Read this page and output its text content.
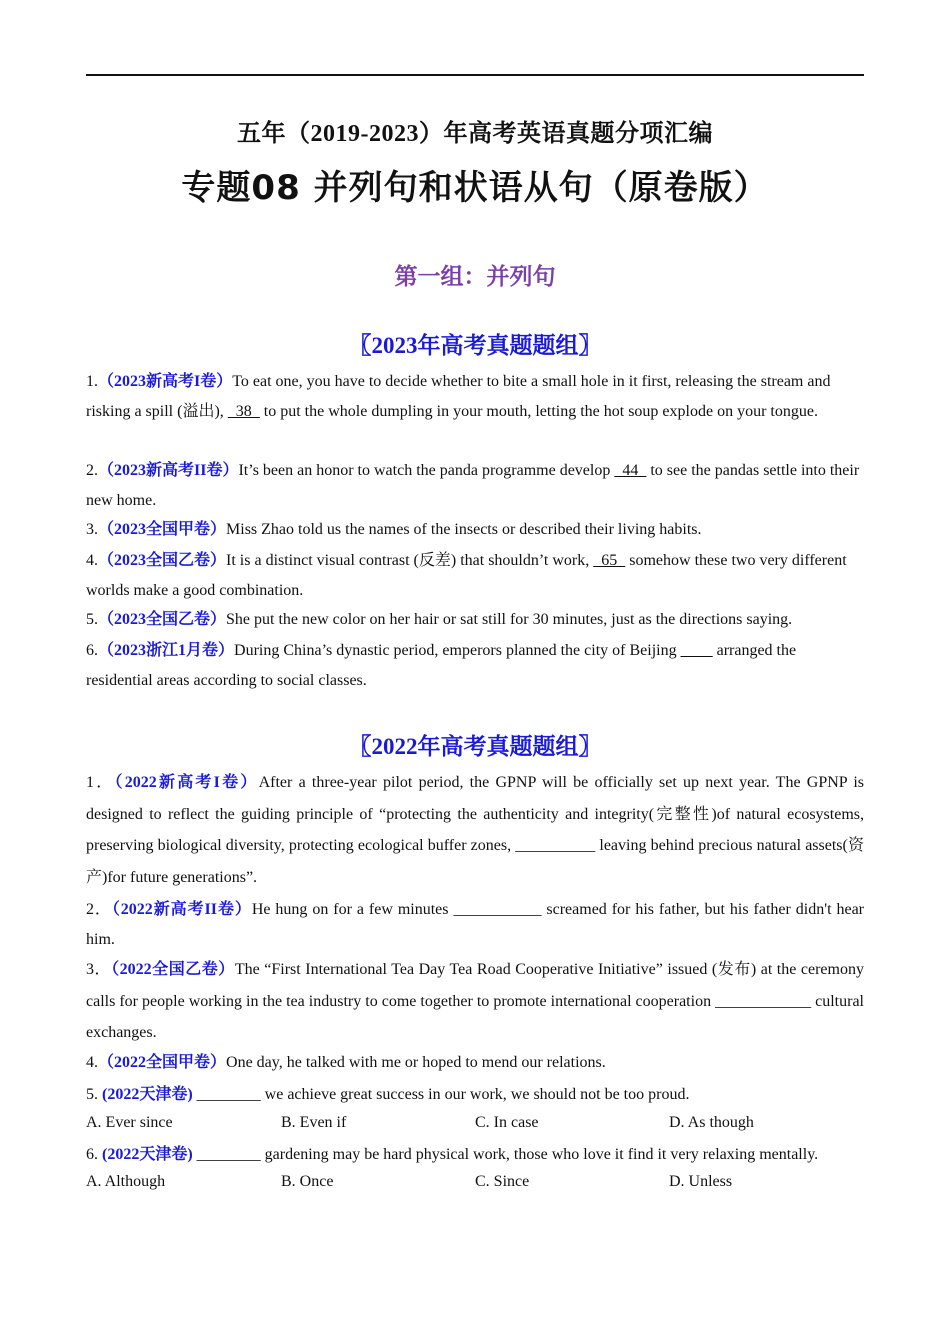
五年（2019-2023）年高考英语真题分项汇编
专题08 并列句和状语从句（原卷版）
第一组：并列句
〖2023年高考真题题组〗
1.（2023新高考I卷）To eat one, you have to decide whether to bite a small hole in it first, releasing the stream and risking a spill (溢出),   38   to put the whole dumpling in your mouth, letting the hot soup explode on your tongue.
2.（2023新高考II卷）It’s been an honor to watch the panda programme develop   44   to see the pandas settle into their new home.
3.（2023全国甲卷）Miss Zhao told us the names of the insects or described their living habits.
4.（2023全国乙卷）It is a distinct visual contrast (反差) that shouldn’t work,   65   somehow these two very different worlds make a good combination.
5.（2023全国乙卷）She put the new color on her hair or sat still for 30 minutes, just as the directions saying.
6.（2023浙江1月卷）During China’s dynastic period, emperors planned the city of Beijing ____ arranged the residential areas according to social classes.
〖2022年高考真题题组〗
1．（2022新高考I卷）After a three-year pilot period, the GPNP will be officially set up next year. The GPNP is designed to reflect the guiding principle of “protecting the authenticity and integrity(完整性)of natural ecosystems, preserving biological diversity, protecting ecological buffer zones, __________ leaving behind precious natural assets(资产)for future generations”.
2．（2022新高考II卷）He hung on for a few minutes ___________ screamed for his father, but his father didn't hear him.
3．（2022全国乙卷）The “First International Tea Day Tea Road Cooperative Initiative” issued (发布) at the ceremony calls for people working in the tea industry to come together to promote international cooperation ____________ cultural exchanges.
4.（2022全国甲卷）One day, he talked with me or hoped to mend our relations.
5. (2022天津卷) ________ we achieve great success in our work, we should not be too proud.
A. Ever since	B. Even if	C. In case	D. As though
6. (2022天津卷) ________ gardening may be hard physical work, those who love it find it very relaxing mentally.
A. Although	B. Once	C. Since	D. Unless
